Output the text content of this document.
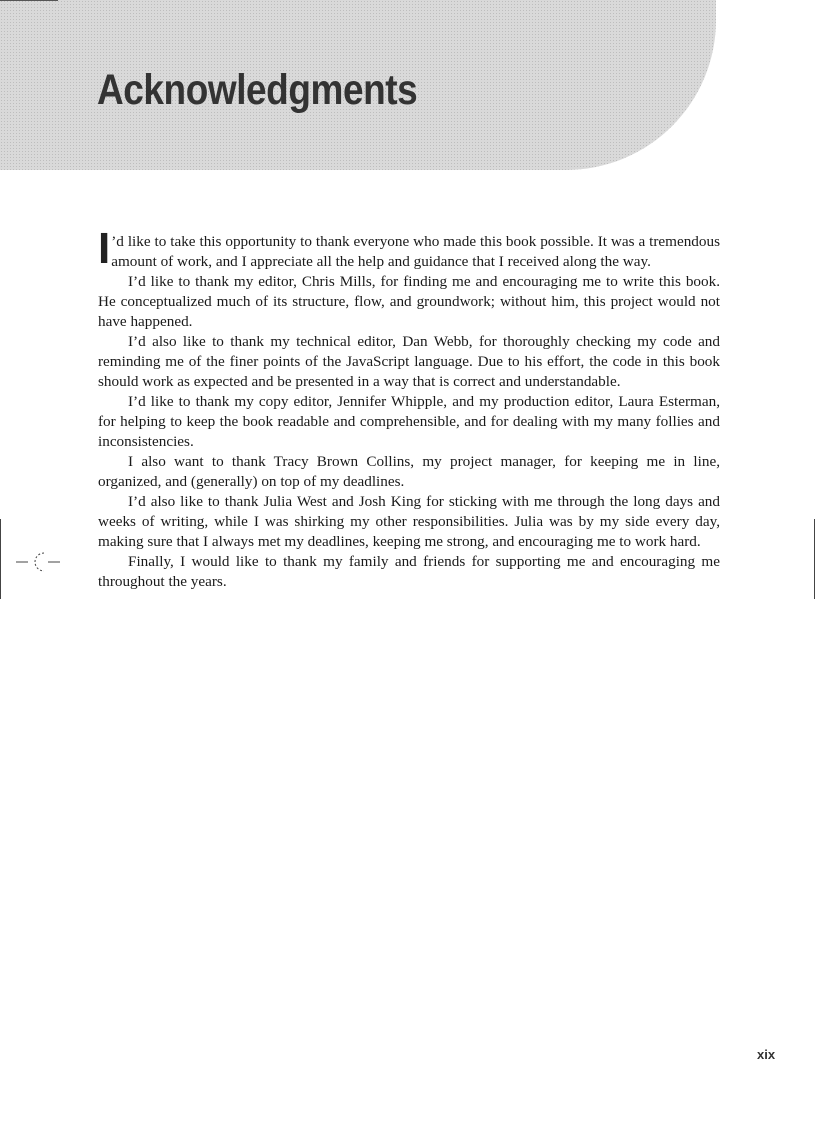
Acknowledgments

I ’d like to take this opportunity to thank everyone who made this book possible. It was a tremendous amount of work, and I appreciate all the help and guidance that I received along the way.

I’d like to thank my editor, Chris Mills, for finding me and encouraging me to write this book. He conceptualized much of its structure, flow, and groundwork; without him, this project would not have happened.

I’d also like to thank my technical editor, Dan Webb, for thoroughly checking my code and reminding me of the finer points of the JavaScript language. Due to his effort, the code in this book should work as expected and be presented in a way that is correct and understandable.

I’d like to thank my copy editor, Jennifer Whipple, and my production editor, Laura Esterman, for helping to keep the book readable and comprehensible, and for dealing with my many follies and inconsistencies.

I also want to thank Tracy Brown Collins, my project manager, for keeping me in line, organized, and (generally) on top of my deadlines.

I’d also like to thank Julia West and Josh King for sticking with me through the long days and weeks of writing, while I was shirking my other responsibilities. Julia was by my side every day, making sure that I always met my deadlines, keeping me strong, and encouraging me to work hard.

Finally, I would like to thank my family and friends for supporting me and encouraging me throughout the years.

xix
